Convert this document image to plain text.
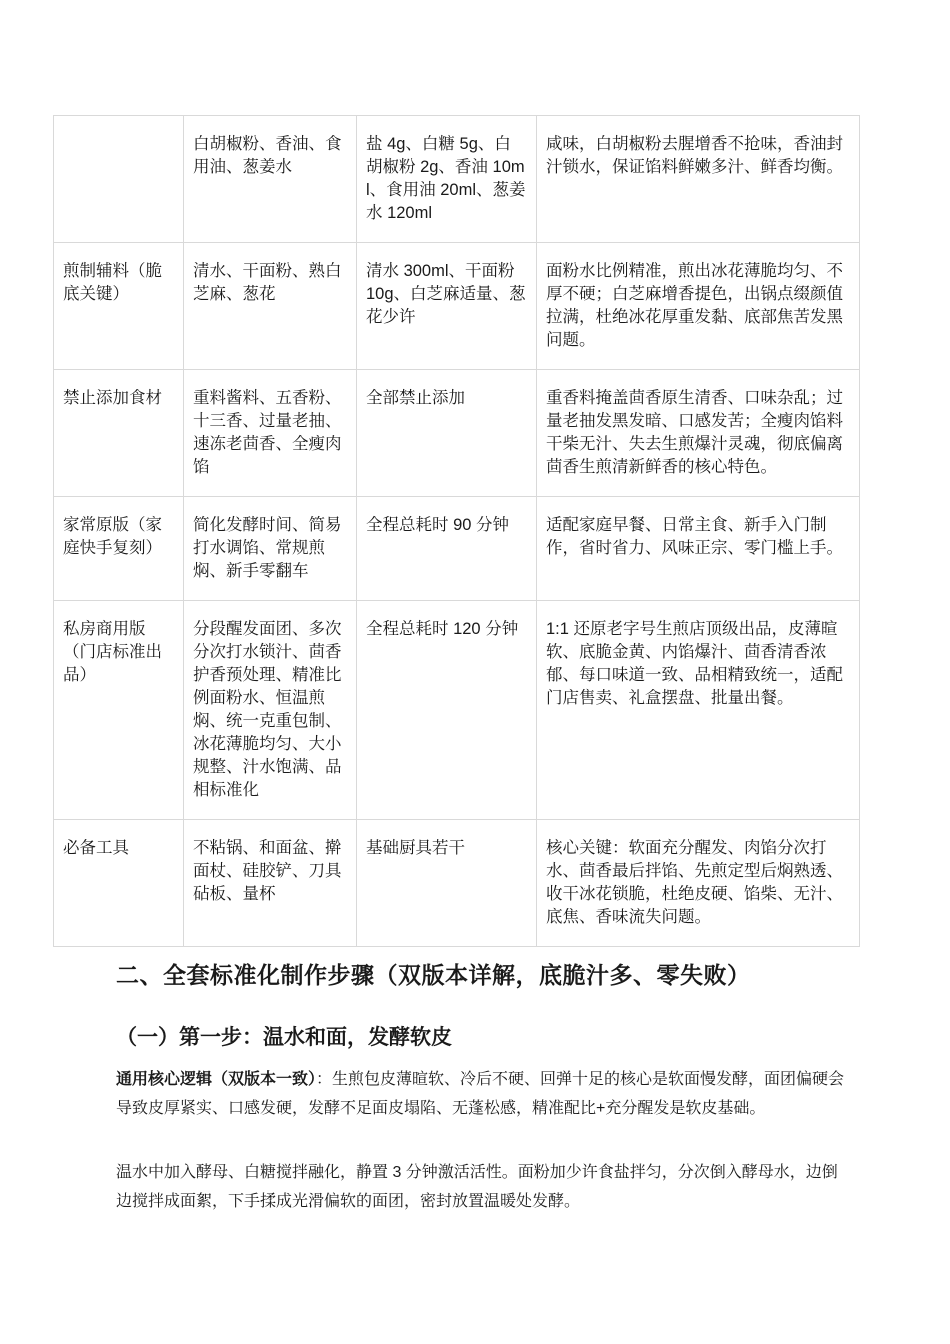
	白胡椒粉、香油、食用油、葱姜水	盐 4g、白糖 5g、白胡椒粉 2g、香油 10ml、食用油 20ml、葱姜水 120ml	咸味，白胡椒粉去腥增香不抢味，香油封汁锁水，保证馅料鲜嫩多汁、鲜香均衡。
煎制辅料（脆底关键）	清水、干面粉、熟白芝麻、葱花	清水 300ml、干面粉 10g、白芝麻适量、葱花少许	面粉水比例精准，煎出冰花薄脆均匀、不厚不硬；白芝麻增香提色，出锅点缀颜值拉满，杜绝冰花厚重发黏、底部焦苦发黑问题。
禁止添加食材	重料酱料、五香粉、十三香、过量老抽、速冻老茴香、全瘦肉馅	全部禁止添加	重香料掩盖茴香原生清香、口味杂乱；过量老抽发黑发暗、口感发苦；全瘦肉馅料干柴无汁、失去生煎爆汁灵魂，彻底偏离茴香生煎清新鲜香的核心特色。
家常原版（家庭快手复刻）	简化发酵时间、简易打水调馅、常规煎焖、新手零翻车	全程总耗时 90 分钟	适配家庭早餐、日常主食、新手入门制作，省时省力、风味正宗、零门槛上手。
私房商用版（门店标准出品）	分段醒发面团、多次分次打水锁汁、茴香护香预处理、精准比例面粉水、恒温煎焖、统一克重包制、冰花薄脆均匀、大小规整、汁水饱满、品相标准化	全程总耗时 120 分钟	1:1 还原老字号生煎店顶级出品，皮薄暄软、底脆金黄、内馅爆汁、茴香清香浓郁、每口味道一致、品相精致统一，适配门店售卖、礼盒摆盘、批量出餐。
必备工具	不粘锅、和面盆、擀面杖、硅胶铲、刀具砧板、量杯	基础厨具若干	核心关键：软面充分醒发、肉馅分次打水、茴香最后拌馅、先煎定型后焖熟透、收干冰花锁脆，杜绝皮硬、馅柴、无汁、底焦、香味流失问题。
二、全套标准化制作步骤（双版本详解，底脆汁多、零失败）
（一）第一步：温水和面，发酵软皮

通用核心逻辑（双版本一致）：生煎包皮薄暄软、冷后不硬、回弹十足的核心是软面慢发酵，面团偏硬会导致皮厚紧实、口感发硬，发酵不足面皮塌陷、无蓬松感，精准配比+充分醒发是软皮基础。

温水中加入酵母、白糖搅拌融化，静置 3 分钟激活活性。面粉加少许食盐拌匀，分次倒入酵母水，边倒边搅拌成面絮，下手揉成光滑偏软的面团，密封放置温暖处发酵。
